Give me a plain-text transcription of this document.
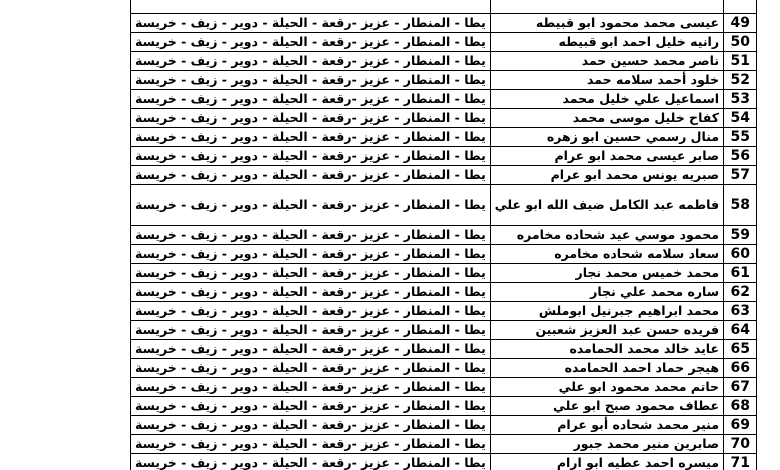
يطا - المنطار - عزيز -رقعة - الحيلة - دوير - زيف - خريسة	عيسى محمد محمود ابو قبيطه	49
يطا - المنطار - عزيز -رقعة - الحيلة - دوير - زيف - خريسة	رانيه خليل احمد ابو قبيطه	50
يطا - المنطار - عزيز -رقعة - الحيلة - دوير - زيف - خريسة	ناصر محمد حسين حمد	51
يطا - المنطار - عزيز -رقعة - الحيلة - دوير - زيف - خريسة	خلود أحمد سلامه حمد	52
يطا - المنطار - عزيز -رقعة - الحيلة - دوير - زيف - خريسة	اسماعيل علي خليل محمد	53
يطا - المنطار - عزيز -رقعة - الحيلة - دوير - زيف - خريسة	كفاح خليل موسى محمد	54
يطا - المنطار - عزيز -رقعة - الحيلة - دوير - زيف - خريسة	منال رسمي حسين ابو زهره	55
يطا - المنطار - عزيز -رقعة - الحيلة - دوير - زيف - خريسة	صابر عيسى محمد ابو عرام	56
يطا - المنطار - عزيز -رقعة - الحيلة - دوير - زيف - خريسة	صبريه يونس محمد ابو عرام	57
يطا - المنطار - عزيز -رقعة - الحيلة - دوير - زيف - خريسة	فاطمه عبد الكامل ضيف الله ابو علي	58
يطا - المنطار - عزيز -رقعة - الحيلة - دوير - زيف - خريسة	محمود موسي عيد شحاده مخامره	59
يطا - المنطار - عزيز -رقعة - الحيلة - دوير - زيف - خريسة	سعاد سلامه شحاده مخامره	60
يطا - المنطار - عزيز -رقعة - الحيلة - دوير - زيف - خريسة	محمد خميس محمد نجار	61
يطا - المنطار - عزيز -رقعة - الحيلة - دوير - زيف - خريسة	ساره محمد علي نجار	62
يطا - المنطار - عزيز -رقعة - الحيلة - دوير - زيف - خريسة	محمد ابراهيم جبرنيل ابوملش	63
يطا - المنطار - عزيز -رقعة - الحيلة - دوير - زيف - خريسة	فريده حسن عبد العزيز شعبين	64
يطا - المنطار - عزيز -رقعة - الحيلة - دوير - زيف - خريسة	عايد خالد محمد الحمامده	65
يطا - المنطار - عزيز -رقعة - الحيلة - دوير - زيف - خريسة	هيجر حماد احمد الحمامده	66
يطا - المنطار - عزيز -رقعة - الحيلة - دوير - زيف - خريسة	حاتم محمد محمود ابو علي	67
يطا - المنطار - عزيز -رقعة - الحيلة - دوير - زيف - خريسة	عطاف محمود صبح ابو علي	68
يطا - المنطار - عزيز -رقعة - الحيلة - دوير - زيف - خريسة	منير محمد شحاده أبو عرام	69
يطا - المنطار - عزيز -رقعة - الحيلة - دوير - زيف - خريسة	صابرين منير محمد جبور	70
يطا - المنطار - عزيز -رقعة - الحيلة - دوير - زيف - خريسة	ميسره احمد عطيه ابو ارام	71
